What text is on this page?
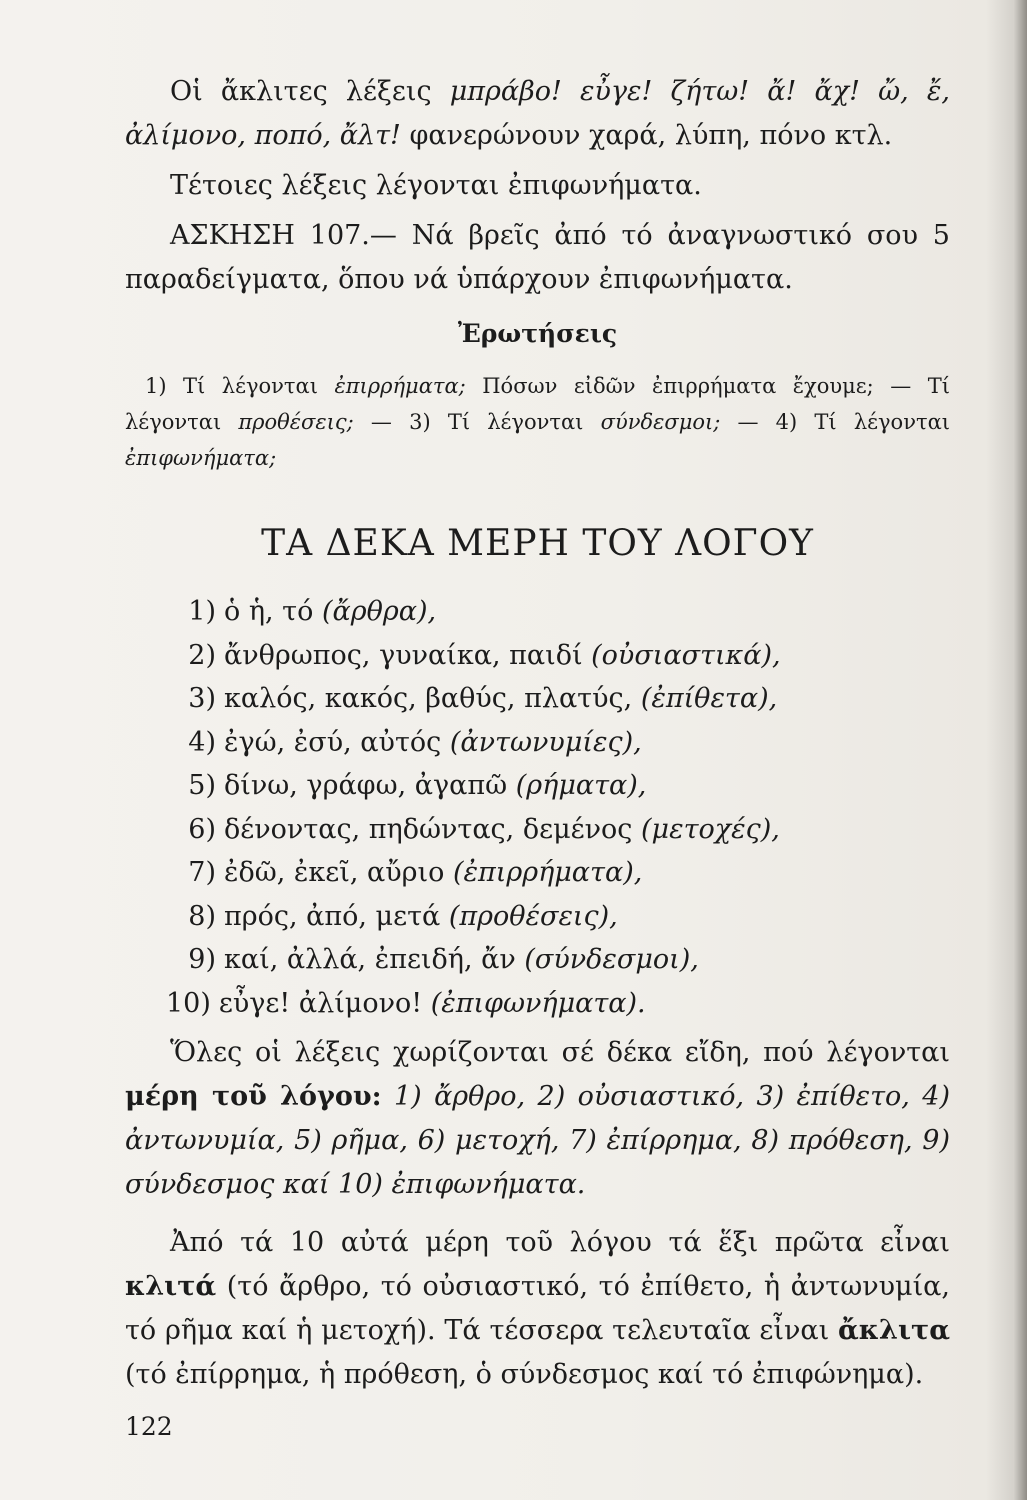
Οἱ ἄκλιτες λέξεις μπράβο! εὖγε! ζήτω! ἄ! ἄχ! ὤ, ἔ, ἀλίμονο, ποπό, ἄλτ! φανερώνουν χαρά, λύπη, πόνο κτλ.

Τέτοιες λέξεις λέγονται ἐπιφωνήματα.

ΑΣΚΗΣΗ 107.— Νά βρεῖς ἀπό τό ἀναγνωστικό σου 5 παραδείγματα, ὅπου νά ὑπάρχουν ἐπιφωνήματα.

Ἐρωτήσεις

1) Τί λέγονται ἐπιρρήματα; Πόσων εἰδῶν ἐπιρρήματα ἔχουμε; — Τί λέγονται προθέσεις; — 3) Τί λέγονται σύνδεσμοι; — 4) Τί λέγονται ἐπιφωνήματα;

ΤΑ ΔΕΚΑ ΜΕΡΗ ΤΟΥ ΛΟΓΟΥ

1) ὁ ἡ, τό (ἄρθρα),
2) ἄνθρωπος, γυναίκα, παιδί (οὐσιαστικά),
3) καλός, κακός, βαθύς, πλατύς, (ἐπίθετα),
4) ἐγώ, ἐσύ, αὐτός (ἀντωνυμίες),
5) δίνω, γράφω, ἀγαπῶ (ρήματα),
6) δένοντας, πηδώντας, δεμένος (μετοχές),
7) ἐδῶ, ἐκεῖ, αὔριο (ἐπιρρήματα),
8) πρός, ἀπό, μετά (προθέσεις),
9) καί, ἀλλά, ἐπειδή, ἄν (σύνδεσμοι),
10) εὖγε! ἀλίμονο! (ἐπιφωνήματα).

Ὅλες οἱ λέξεις χωρίζονται σέ δέκα εἴδη, πού λέγονται μέρη τοῦ λόγου: 1) ἄρθρο, 2) οὐσιαστικό, 3) ἐπίθετο, 4) ἀντωνυμία, 5) ρῆμα, 6) μετοχή, 7) ἐπίρρημα, 8) πρόθεση, 9) σύνδεσμος καί 10) ἐπιφωνήματα.

Ἀπό τά 10 αὐτά μέρη τοῦ λόγου τά ἕξι πρῶτα εἶναι κλιτά (τό ἄρθρο, τό οὐσιαστικό, τό ἐπίθετο, ἡ ἀντωνυμία, τό ρῆμα καί ἡ μετοχή). Τά τέσσερα τελευταῖα εἶναι ἄκλιτα (τό ἐπίρρημα, ἡ πρόθεση, ὁ σύνδεσμος καί τό ἐπιφώνημα).

122
